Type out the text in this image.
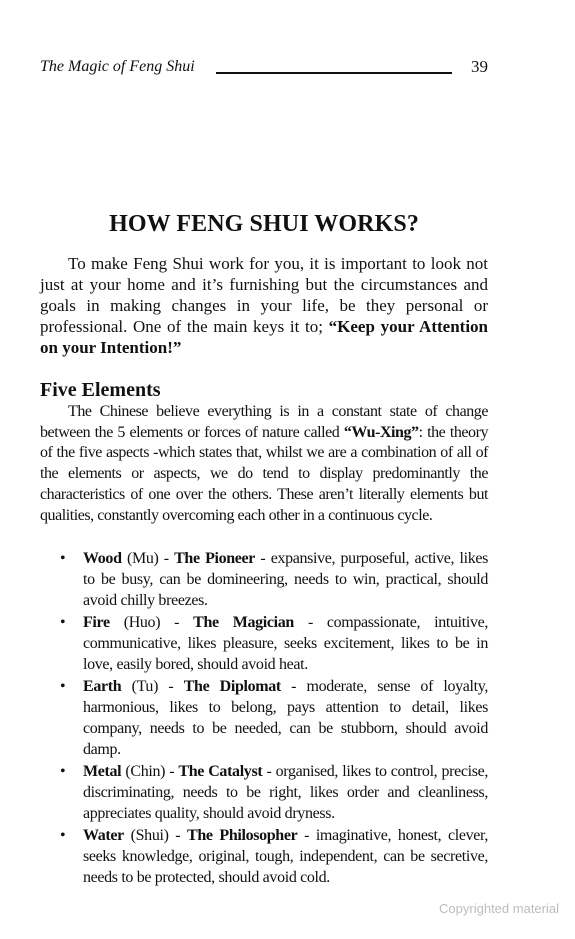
The Magic of Feng Shui	39
HOW FENG SHUI WORKS?

To make Feng Shui work for you, it is important to look not just at your home and it’s furnishing but the circumstances and goals in making changes in your life, be they personal or professional. One of the main keys it to; “Keep your Attention on your Intention!”

Five Elements

The Chinese believe everything is in a constant state of change between the 5 elements or forces of nature called “Wu-Xing”: the theory of the five aspects -which states that, whilst we are a combination of all of the elements or aspects, we do tend to display predominantly the characteristics of one over the others. These aren’t literally elements but qualities, constantly overcoming each other in a continuous cycle.

• Wood (Mu) - The Pioneer - expansive, purposeful, active, likes to be busy, can be domineering, needs to win, practical, should avoid chilly breezes.
• Fire (Huo) - The Magician - compassionate, intuitive, communicative, likes pleasure, seeks excitement, likes to be in love, easily bored, should avoid heat.
• Earth (Tu) - The Diplomat - moderate, sense of loyalty, harmonious, likes to belong, pays attention to detail, likes company, needs to be needed, can be stubborn, should avoid damp.
• Metal (Chin) - The Catalyst - organised, likes to control, precise, discriminating, needs to be right, likes order and cleanliness, appreciates quality, should avoid dryness.
• Water (Shui) - The Philosopher - imaginative, honest, clever, seeks knowledge, original, tough, independent, can be secretive, needs to be protected, should avoid cold.
Copyrighted material
